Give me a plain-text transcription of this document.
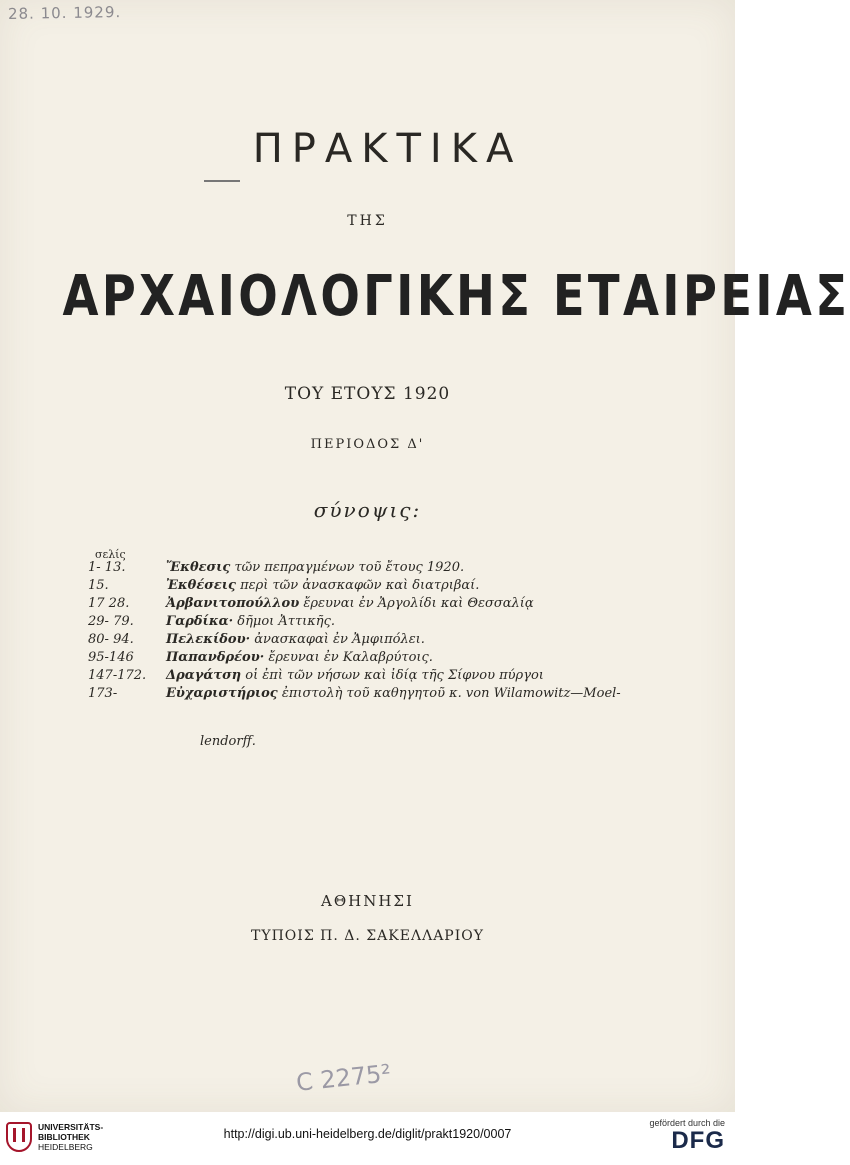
28. 10. 1929.
ΠΡΑΚΤΙΚΑ
ΤΗΣ
ΑΡΧΑΙΟΛΟΓΙΚΗΣ ΕΤΑΙΡΕΙΑΣ
ΤΟΥ ΕΤΟΥΣ 1920
ΠΕΡΙΟΔΟΣ Δ'
σύνοψις:
σελίς
1- 13.	Ἔκθεσις τῶν πεπραγμένων τοῦ ἔτους 1920.
15.	Ἐκθέσεις περὶ τῶν ἀνασκαφῶν καὶ διατριβαί.
17 28.	Ἀρβανιτοπούλλου ἔρευναι ἐν Ἀργολίδι καὶ Θεσσαλίᾳ
29- 79.	Γαρδίκα· δῆμοι Ἀττικῆς.
80- 94.	Πελεκίδου· ἀνασκαφαὶ ἐν Ἀμφιπόλει.
95-146	Παπανδρέου· ἔρευναι ἐν Καλαβρύτοις.
147-172.	Δραγάτση οἱ ἐπὶ τῶν νήσων καὶ ἰδίᾳ τῆς Σίφνου πύργοι
173-	Εὐχαριστήριος ἐπιστολὴ τοῦ καθηγητοῦ κ. von Wilamowitz—Moel-
lendorff.
ΑΘΗΝΗΣΙ
ΤΥΠΟΙΣ Π. Δ. ΣΑΚΕΛΛΑΡΙΟΥ
C 2275²
UNIVERSITÄTS-
BIBLIOTHEK
HEIDELBERG
http://digi.ub.uni-heidelberg.de/diglit/prakt1920/0007
gefördert durch die
DFG
